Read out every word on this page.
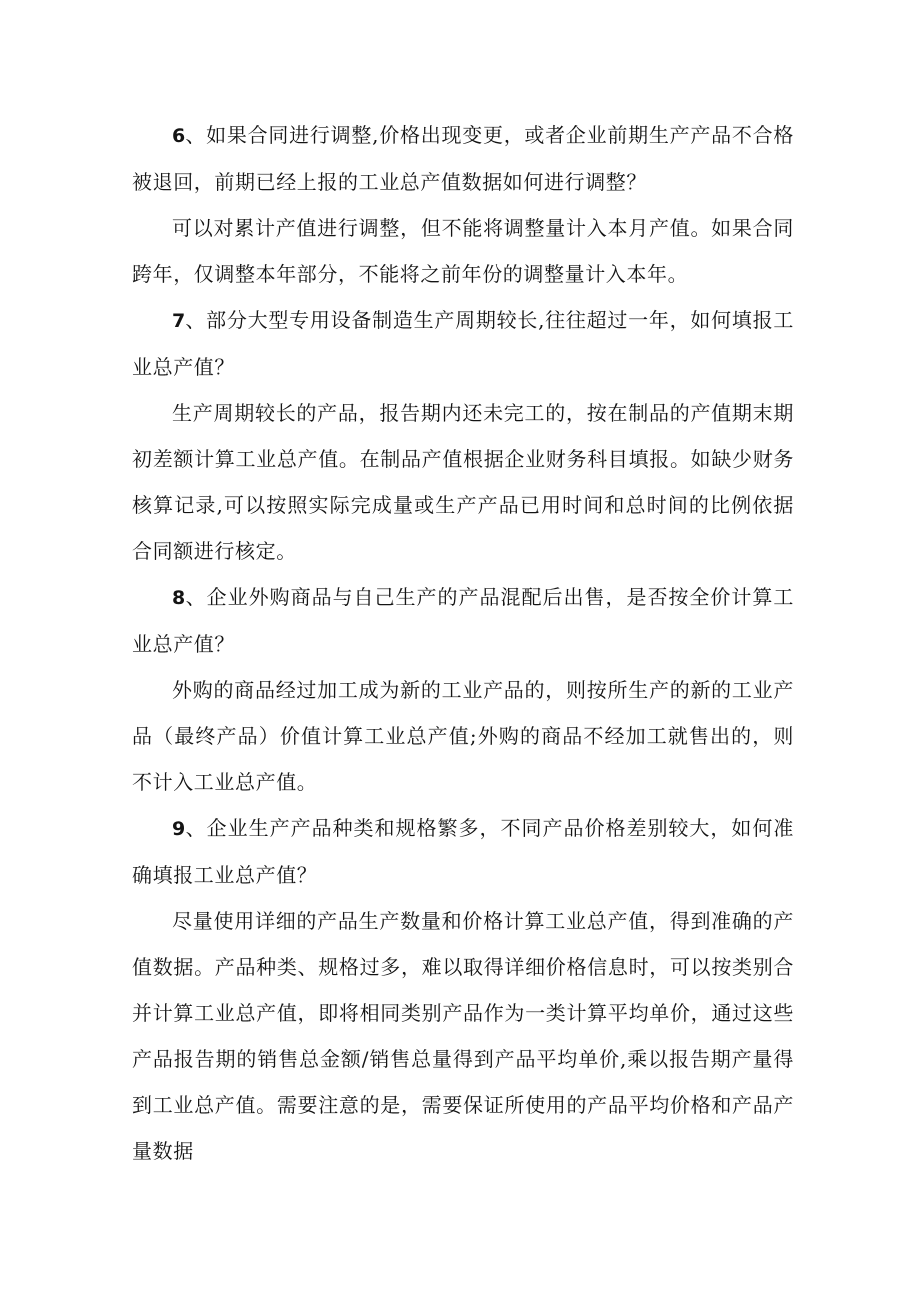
6、如果合同进行调整,价格出现变更，或者企业前期生产产品不合格被退回，前期已经上报的工业总产值数据如何进行调整？

可以对累计产值进行调整，但不能将调整量计入本月产值。如果合同跨年，仅调整本年部分，不能将之前年份的调整量计入本年。

7、部分大型专用设备制造生产周期较长,往往超过一年，如何填报工业总产值？

生产周期较长的产品，报告期内还未完工的，按在制品的产值期末期初差额计算工业总产值。在制品产值根据企业财务科目填报。如缺少财务核算记录,可以按照实际完成量或生产产品已用时间和总时间的比例依据合同额进行核定。

8、企业外购商品与自己生产的产品混配后出售，是否按全价计算工业总产值？

外购的商品经过加工成为新的工业产品的，则按所生产的新的工业产品（最终产品）价值计算工业总产值;外购的商品不经加工就售出的，则不计入工业总产值。

9、企业生产产品种类和规格繁多，不同产品价格差别较大，如何准确填报工业总产值？

尽量使用详细的产品生产数量和价格计算工业总产值，得到准确的产值数据。产品种类、规格过多，难以取得详细价格信息时，可以按类别合并计算工业总产值，即将相同类别产品作为一类计算平均单价，通过这些产品报告期的销售总金额/销售总量得到产品平均单价,乘以报告期产量得到工业总产值。需要注意的是，需要保证所使用的产品平均价格和产品产量数据
